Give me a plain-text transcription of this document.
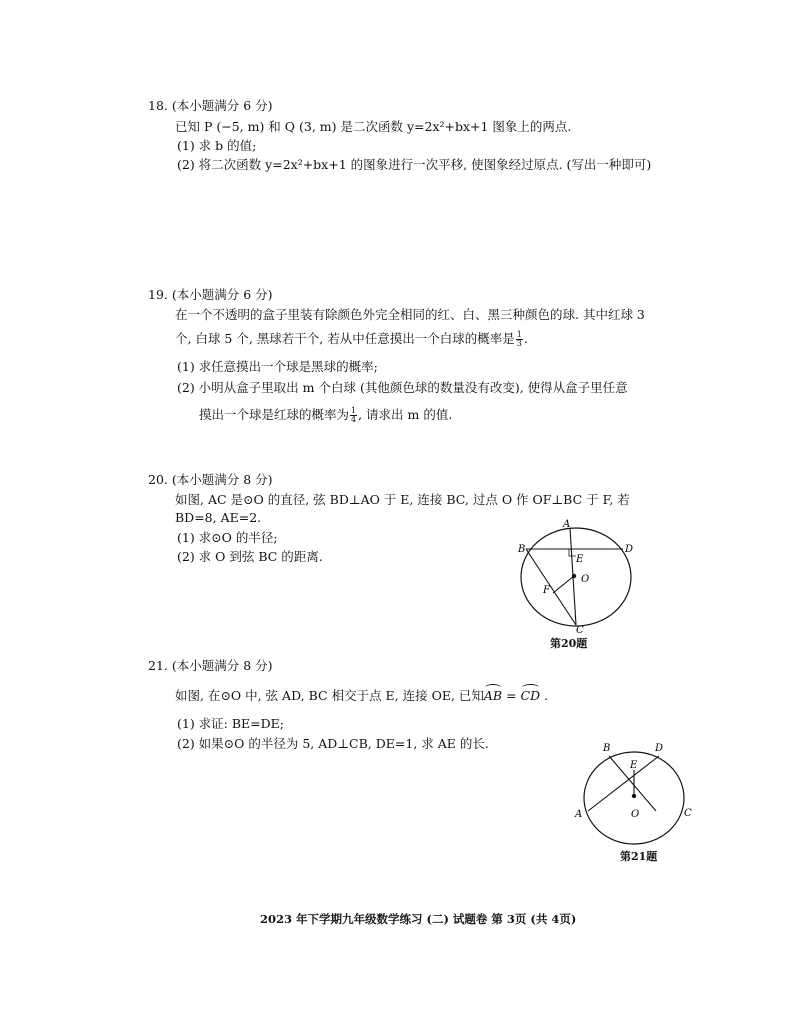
18. (本小题满分 6 分)
已知 P (−5, m) 和 Q (3, m) 是二次函数 y=2x²+bx+1 图象上的两点.
(1) 求 b 的值;
(2) 将二次函数 y=2x²+bx+1 的图象进行一次平移, 使图象经过原点. (写出一种即可)
19. (本小题满分 6 分)
在一个不透明的盒子里装有除颜色外完全相同的红、白、黑三种颜色的球. 其中红球 3
个, 白球 5 个, 黑球若干个, 若从中任意摸出一个白球的概率是 $\frac{1}{3}$ .
(1) 求任意摸出一个球是黑球的概率;
(2) 小明从盒子里取出 m 个白球 (其他颜色球的数量没有改变), 使得从盒子里任意
摸出一个球是红球的概率为 $\frac{1}{4}$ , 请求出 m 的值.
20. (本小题满分 8 分)
如图, AC 是⊙O 的直径, 弦 BD⊥AO 于 E, 连接 BC, 过点 O 作 OF⊥BC 于 F, 若
BD=8, AE=2.
(1) 求⊙O 的半径;
(2) 求 O 到弦 BC 的距离.
A
B
C
D
E
F
O
第20题
21. (本小题满分 8 分)
如图, 在⊙O 中, 弦 AD, BC 相交于点 E, 连接 OE, 已知AB = CD .
(1) 求证: BE=DE;
(2) 如果⊙O 的半径为 5, AD⊥CB, DE=1, 求 AE 的长.	B	D
E
A	C
O
第21题
2023 年下学期九年级数学练习 (二) 试题卷 第 3页 (共 4页)
